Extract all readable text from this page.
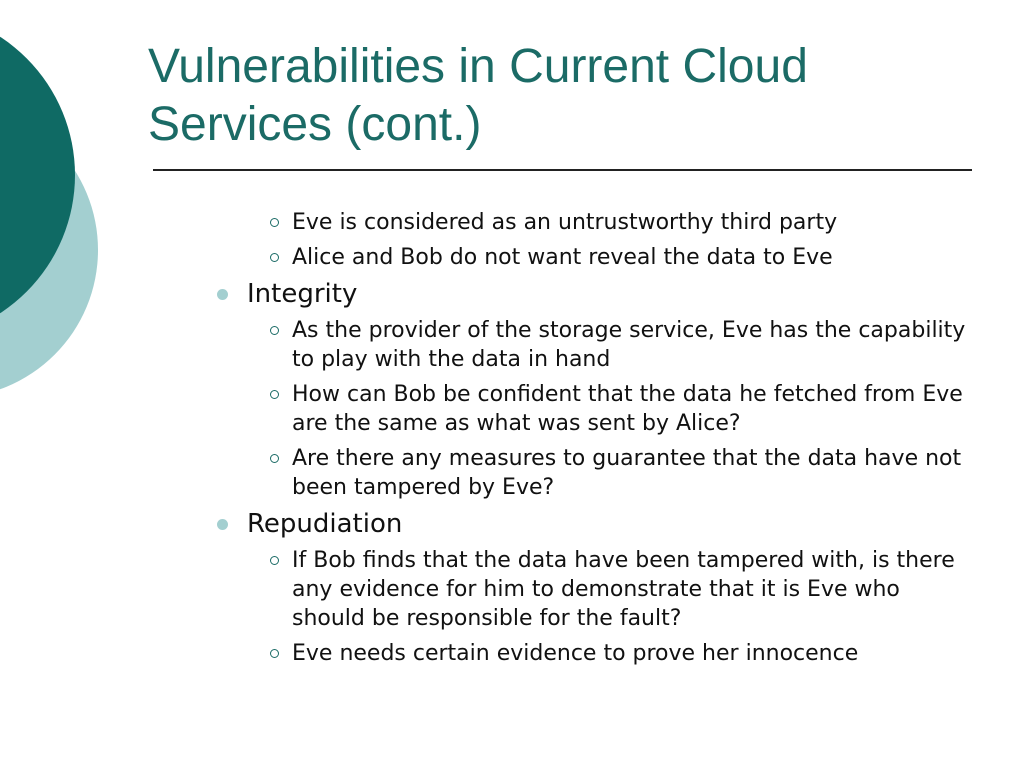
Vulnerabilities in Current Cloud Services (cont.)
Eve is considered as an untrustworthy third party
Alice and Bob do not want reveal the data to Eve
Integrity
As the provider of the storage service, Eve has the capability to play with the data in hand
How can Bob be confident that the data he fetched from Eve are the same as what was sent by Alice?
Are there any measures to guarantee that the data have not been tampered by Eve?
Repudiation
If Bob finds that the data have been tampered with, is there any evidence for him to demonstrate that it is Eve who should be responsible for the fault?
Eve needs certain evidence to prove her innocence
